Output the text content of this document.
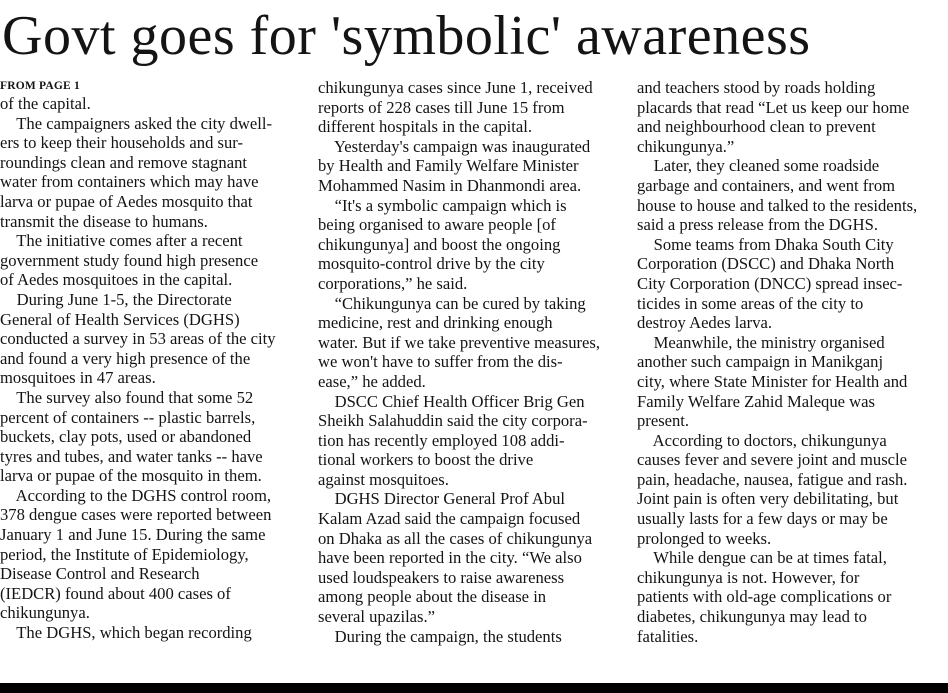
Govt goes for 'symbolic' awareness
FROM PAGE 1

of the capital.

The campaigners asked the city dwell-

ers to keep their households and sur-

roundings clean and remove stagnant

water from containers which may have

larva or pupae of Aedes mosquito that

transmit the disease to humans.

The initiative comes after a recent

government study found high presence

of Aedes mosquitoes in the capital.

During June 1-5, the Directorate

General of Health Services (DGHS)

conducted a survey in 53 areas of the city

and found a very high presence of the

mosquitoes in 47 areas.

The survey also found that some 52

percent of containers -- plastic barrels,

buckets, clay pots, used or abandoned

tyres and tubes, and water tanks -- have

larva or pupae of the mosquito in them.

According to the DGHS control room,

378 dengue cases were reported between

January 1 and June 15. During the same

period, the Institute of Epidemiology,

Disease Control and Research

(IEDCR) found about 400 cases of

chikungunya.

The DGHS, which began recording

chikungunya cases since June 1, received

reports of 228 cases till June 15 from

different hospitals in the capital.

Yesterday's campaign was inaugurated

by Health and Family Welfare Minister

Mohammed Nasim in Dhanmondi area.

“It's a symbolic campaign which is

being organised to aware people [of

chikungunya] and boost the ongoing

mosquito-control drive by the city

corporations,” he said.

“Chikungunya can be cured by taking

medicine, rest and drinking enough

water. But if we take preventive measures,

we won't have to suffer from the dis-

ease,” he added.

DSCC Chief Health Officer Brig Gen

Sheikh Salahuddin said the city corpora-

tion has recently employed 108 addi-

tional workers to boost the drive

against mosquitoes.

DGHS Director General Prof Abul

Kalam Azad said the campaign focused

on Dhaka as all the cases of chikungunya

have been reported in the city. “We also

used loudspeakers to raise awareness

among people about the disease in

several upazilas.”

During the campaign, the students

and teachers stood by roads holding

placards that read “Let us keep our home

and neighbourhood clean to prevent

chikungunya.”

Later, they cleaned some roadside

garbage and containers, and went from

house to house and talked to the residents,

said a press release from the DGHS.

Some teams from Dhaka South City

Corporation (DSCC) and Dhaka North

City Corporation (DNCC) spread insec-

ticides in some areas of the city to

destroy Aedes larva.

Meanwhile, the ministry organised

another such campaign in Manikganj

city, where State Minister for Health and

Family Welfare Zahid Maleque was

present.

According to doctors, chikungunya

causes fever and severe joint and muscle

pain, headache, nausea, fatigue and rash.

Joint pain is often very debilitating, but

usually lasts for a few days or may be

prolonged to weeks.

While dengue can be at times fatal,

chikungunya is not. However, for

patients with old-age complications or

diabetes, chikungunya may lead to

fatalities.
